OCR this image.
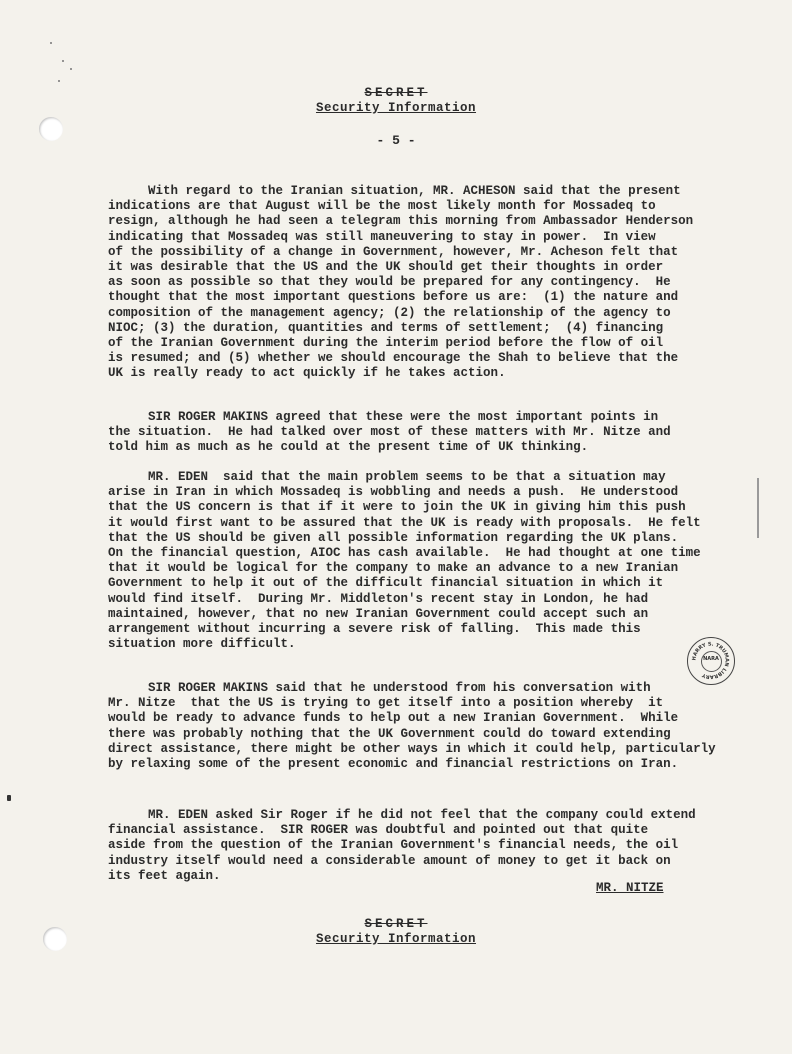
SECRET
Security Information
- 5 -
With regard to the Iranian situation, MR. ACHESON said that the present
indications are that August will be the most likely month for Mossadeq to
resign, although he had seen a telegram this morning from Ambassador Henderson
indicating that Mossadeq was still maneuvering to stay in power.  In view
of the possibility of a change in Government, however, Mr. Acheson felt that
it was desirable that the US and the UK should get their thoughts in order
as soon as possible so that they would be prepared for any contingency.  He
thought that the most important questions before us are:  (1) the nature and
composition of the management agency; (2) the relationship of the agency to
NIOC; (3) the duration, quantities and terms of settlement;  (4) financing
of the Iranian Government during the interim period before the flow of oil
is resumed; and (5) whether we should encourage the Shah to believe that the
UK is really ready to act quickly if he takes action.
SIR ROGER MAKINS agreed that these were the most important points in
the situation.  He had talked over most of these matters with Mr. Nitze and
told him as much as he could at the present time of UK thinking.
MR. EDEN  said that the main problem seems to be that a situation may
arise in Iran in which Mossadeq is wobbling and needs a push.  He understood
that the US concern is that if it were to join the UK in giving him this push
it would first want to be assured that the UK is ready with proposals.  He felt
that the US should be given all possible information regarding the UK plans.
On the financial question, AIOC has cash available.  He had thought at one time
that it would be logical for the company to make an advance to a new Iranian
Government to help it out of the difficult financial situation in which it
would find itself.  During Mr. Middleton's recent stay in London, he had
maintained, however, that no new Iranian Government could accept such an
arrangement without incurring a severe risk of falling.  This made this
situation more difficult.
SIR ROGER MAKINS said that he understood from his conversation with
Mr. Nitze  that the US is trying to get itself into a position whereby  it
would be ready to advance funds to help out a new Iranian Government.  While
there was probably nothing that the UK Government could do toward extending
direct assistance, there might be other ways in which it could help, particularly
by relaxing some of the present economic and financial restrictions on Iran.
MR. EDEN asked Sir Roger if he did not feel that the company could extend
financial assistance.  SIR ROGER was doubtful and pointed out that quite
aside from the question of the Iranian Government's financial needs, the oil
industry itself would need a considerable amount of money to get it back on
its feet again.
MR. NITZE
HARRY S. TRUMAN LIBRARY
NARA
SECRET
Security Information
